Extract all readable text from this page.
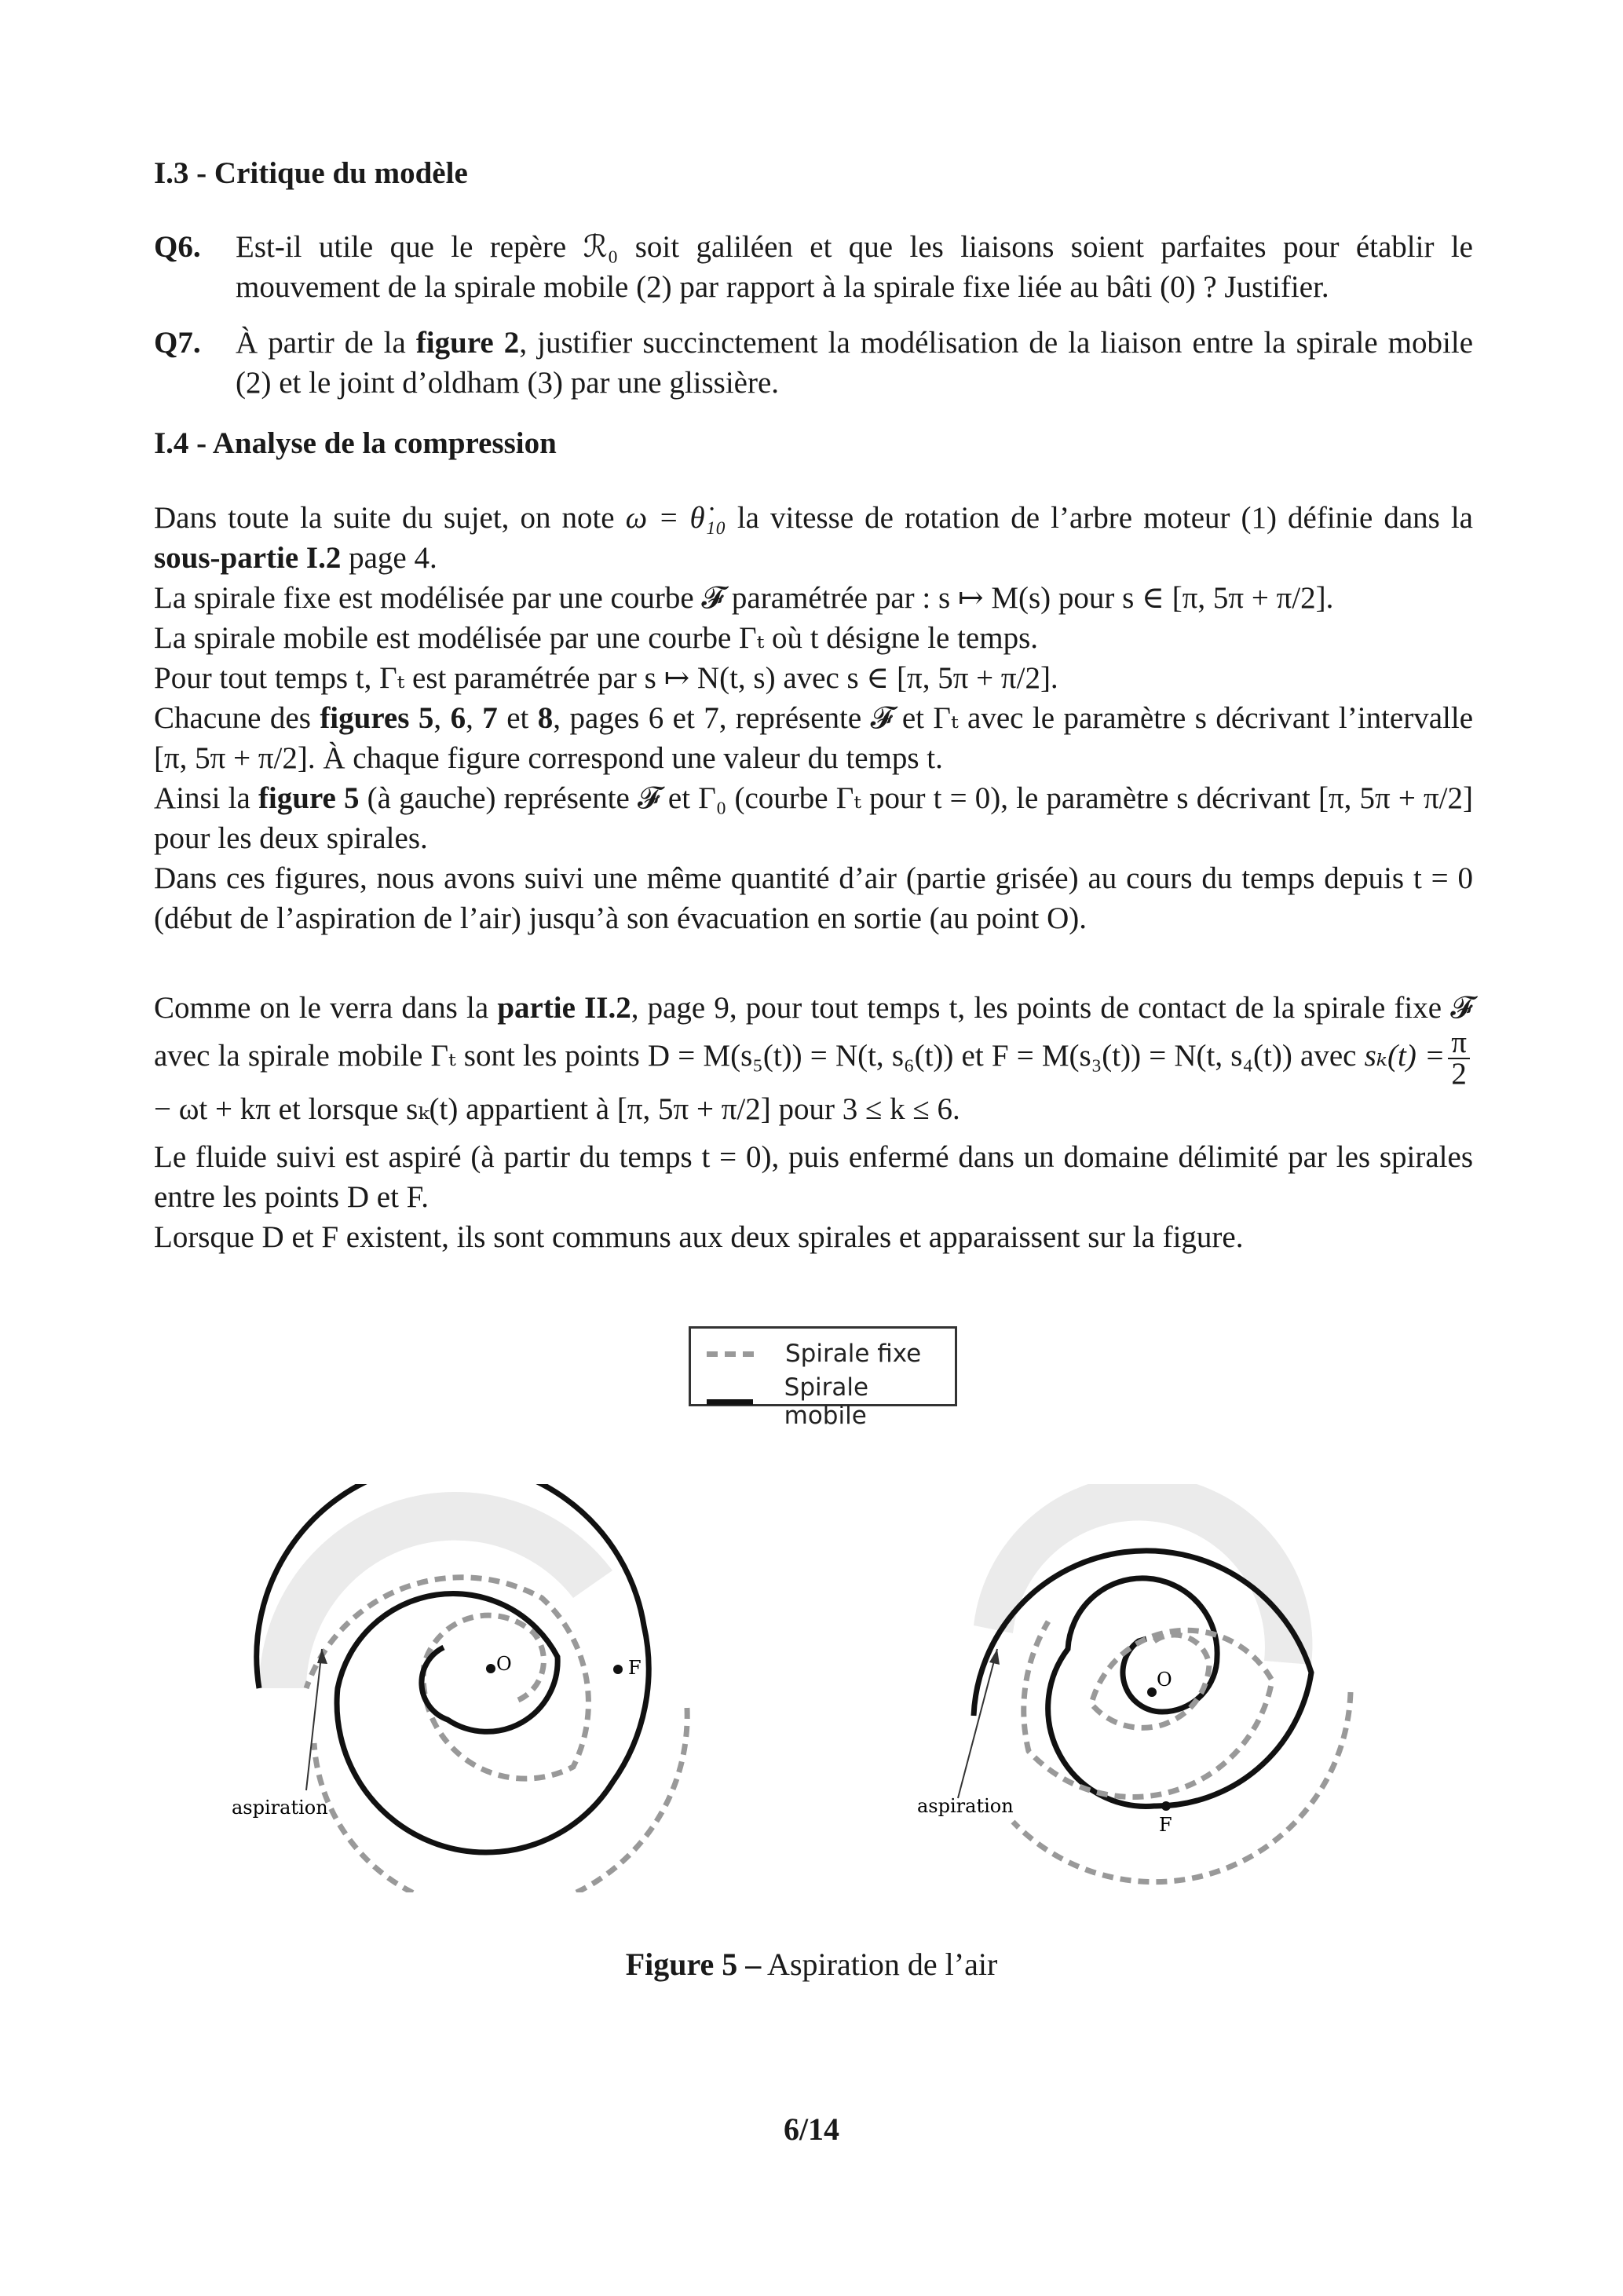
I.3 - Critique du modèle
Q6. Est-il utile que le repère ℛ₀ soit galiléen et que les liaisons soient parfaites pour établir le mouvement de la spirale mobile (2) par rapport à la spirale fixe liée au bâti (0) ? Justifier.
Q7. À partir de la figure 2, justifier succinctement la modélisation de la liaison entre la spirale mobile (2) et le joint d’oldham (3) par une glissière.
I.4 - Analyse de la compression

Dans toute la suite du sujet, on note ω = θ̇₁₀ la vitesse de rotation de l’arbre moteur (1) définie dans la sous-partie I.2 page 4.

La spirale fixe est modélisée par une courbe 𝓕 paramétrée par : s ↦ M(s) pour s ∈ [π, 5π + π/2].

La spirale mobile est modélisée par une courbe Γₜ où t désigne le temps.

Pour tout temps t, Γₜ est paramétrée par s ↦ N(t, s) avec s ∈ [π, 5π + π/2].

Chacune des figures 5, 6, 7 et 8, pages 6 et 7, représente 𝓕 et Γₜ avec le paramètre s décrivant l’intervalle [π, 5π + π/2]. À chaque figure correspond une valeur du temps t.

Ainsi la figure 5 (à gauche) représente 𝓕 et Γ₀ (courbe Γₜ pour t = 0), le paramètre s décrivant [π, 5π + π/2] pour les deux spirales.

Dans ces figures, nous avons suivi une même quantité d’air (partie grisée) au cours du temps depuis t = 0 (début de l’aspiration de l’air) jusqu’à son évacuation en sortie (au point O).

Comme on le verra dans la partie II.2, page 9, pour tout temps t, les points de contact de la spirale fixe 𝓕 avec la spirale mobile Γₜ sont les points D = M(s₅(t)) = N(t, s₆(t)) et F = M(s₃(t)) = N(t, s₄(t)) avec $s_k(t) = \frac{\pi}{2}$
− ωt + kπ et lorsque sₖ(t) appartient à [π, 5π + π/2] pour 3 ≤ k ≤ 6.

Le fluide suivi est aspiré (à partir du temps t = 0), puis enfermé dans un domaine délimité par les spirales entre les points D et F.

Lorsque D et F existent, ils sont communs aux deux spirales et apparaissent sur la figure.

Spirale fixe
Spirale mobile
O	F
aspiration
O
F
aspiration
Figure 5 – Aspiration de l’air
6/14
